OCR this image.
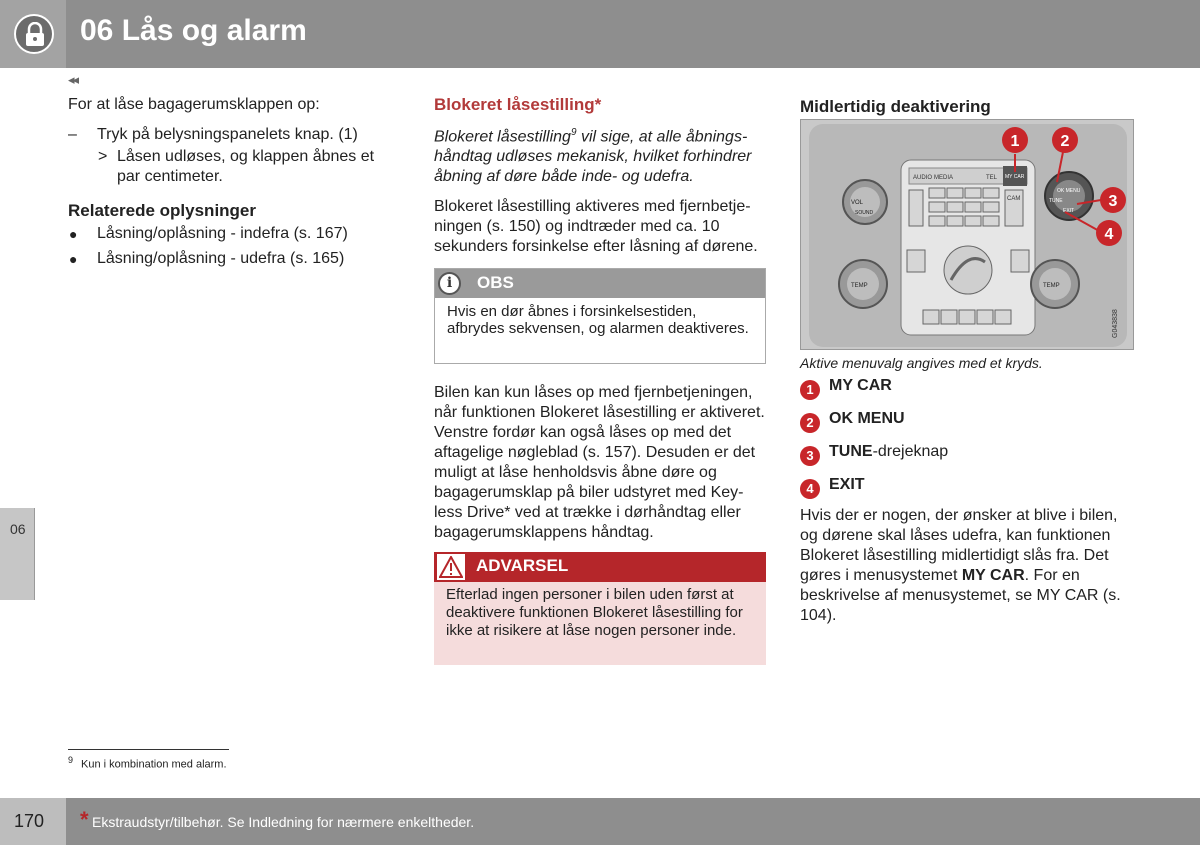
06 Lås og alarm
◂◂
06
For at låse bagagerumsklappen op:
– Tryk på belysningspanelets knap. (1)
> Låsen udløses, og klappen åbnes et par centimeter.
Relaterede oplysninger
● Låsning/oplåsning - indefra (s. 167)
● Låsning/oplåsning - udefra (s. 165)
Blokeret låsestilling*
Blokeret låsestilling$^9$ vil sige, at alle åbningshåndtag udløses mekanisk, hvilket forhindrer åbning af døre både inde- og udefra.
Blokeret låsestilling aktiveres med fjernbetjeningen (s. 150) og indtræder med ca. 10 sekunders forsinkelse efter låsning af dørene.
i	OBS
Hvis en dør åbnes i forsinkelsestiden, afbrydes sekvensen, og alarmen deaktiveres.
Bilen kan kun låses op med fjernbetjeningen, når funktionen Blokeret låsestilling er aktiveret. Venstre fordør kan også låses op med det aftagelige nøgleblad (s. 157). Desuden er det muligt at låse henholdsvis åbne døre og bagagerumsklap på biler udstyret med Keyless Drive* ved at trække i dørhåndtag eller bagagerumsklappens håndtag.
ADVARSEL
Efterlad ingen personer i bilen uden først at deaktivere funktionen Blokeret låsestilling for ikke at risikere at låse nogen personer inde.
Midlertidig deaktivering
AUDIO MEDIA	TEL MY CAR
CAM
VOL
SOUND
OK MENU
TUNE
EXIT
TEMP	TEMP
G043838
1	2
3
4
Aktive menuvalg angives med et kryds.
1 MY CAR
2 OK MENU
3 TUNE-drejeknap
4 EXIT
Hvis der er nogen, der ønsker at blive i bilen, og dørene skal låses udefra, kan funktionen Blokeret låsestilling midlertidigt slås fra. Det gøres i menusystemet MY CAR. For en beskrivelse af menusystemet, se MY CAR (s. 104).
$^9$ Kun i kombination med alarm.
170 * Ekstraudstyr/tilbehør. Se Indledning for nærmere enkeltheder.
